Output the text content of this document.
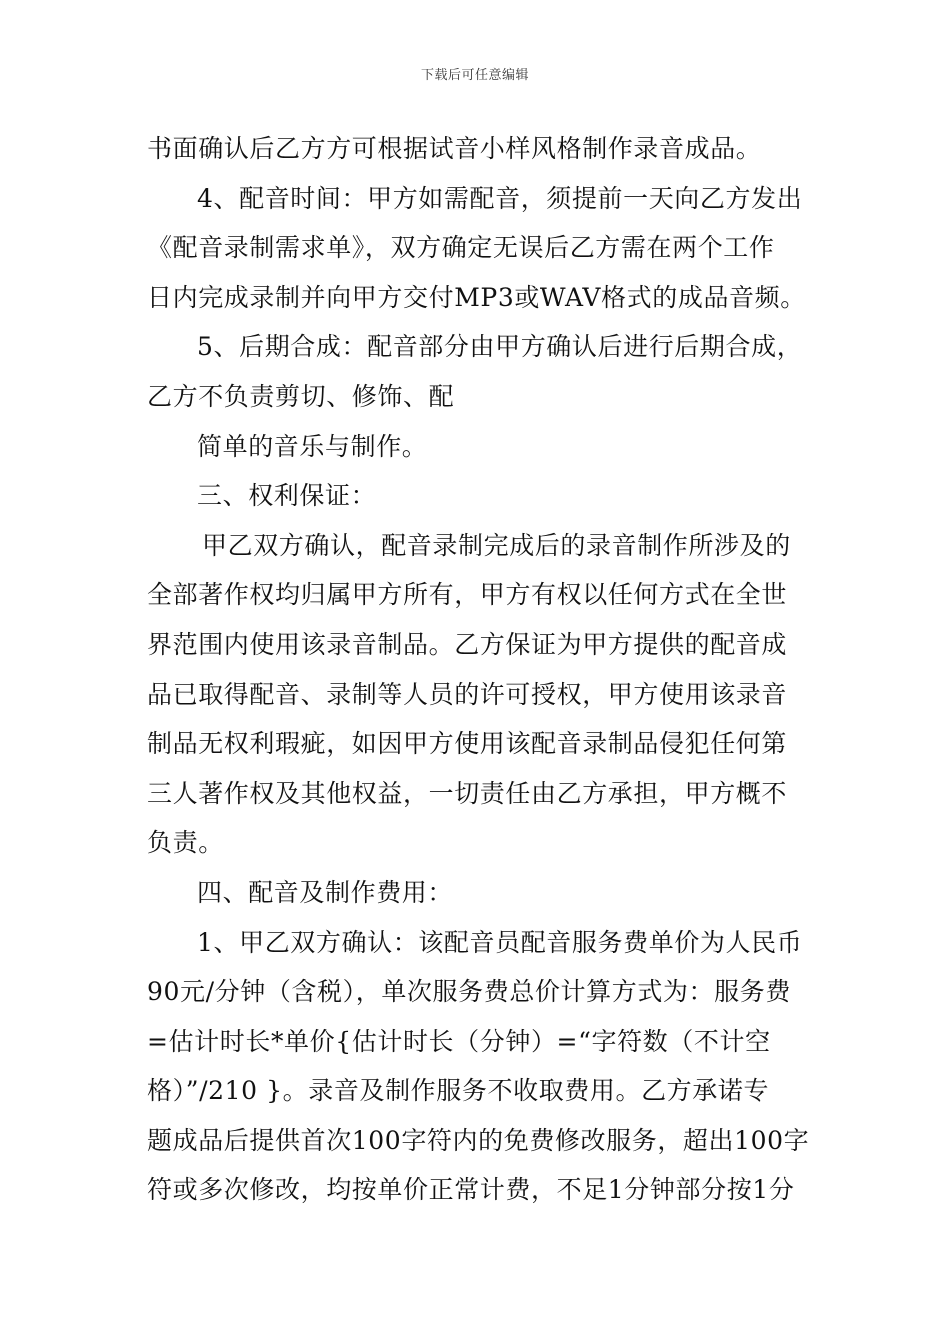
下载后可任意编辑
书面确认后乙方方可根据试音小样风格制作录音成品。
4、配音时间：甲方如需配音，须提前一天向乙方发出
《配音录制需求单》，双方确定无误后乙方需在两个工作
日内完成录制并向甲方交付MP3或WAV格式的成品音频。
5、后期合成：配音部分由甲方确认后进行后期合成，
乙方不负责剪切、修饰、配
简单的音乐与制作。
三、权利保证：
甲乙双方确认，配音录制完成后的录音制作所涉及的
全部著作权均归属甲方所有，甲方有权以任何方式在全世
界范围内使用该录音制品。乙方保证为甲方提供的配音成
品已取得配音、录制等人员的许可授权，甲方使用该录音
制品无权利瑕疵，如因甲方使用该配音录制品侵犯任何第
三人著作权及其他权益，一切责任由乙方承担，甲方概不
负责。
四、配音及制作费用：
1、甲乙双方确认：该配音员配音服务费单价为人民币
90元/分钟（含税），单次服务费总价计算方式为：服务费
=估计时长*单价{估计时长（分钟）=“字符数（不计空
格）”/210 }。录音及制作服务不收取费用。乙方承诺专
题成品后提供首次100字符内的免费修改服务，超出100字
符或多次修改，均按单价正常计费，不足1分钟部分按1分
